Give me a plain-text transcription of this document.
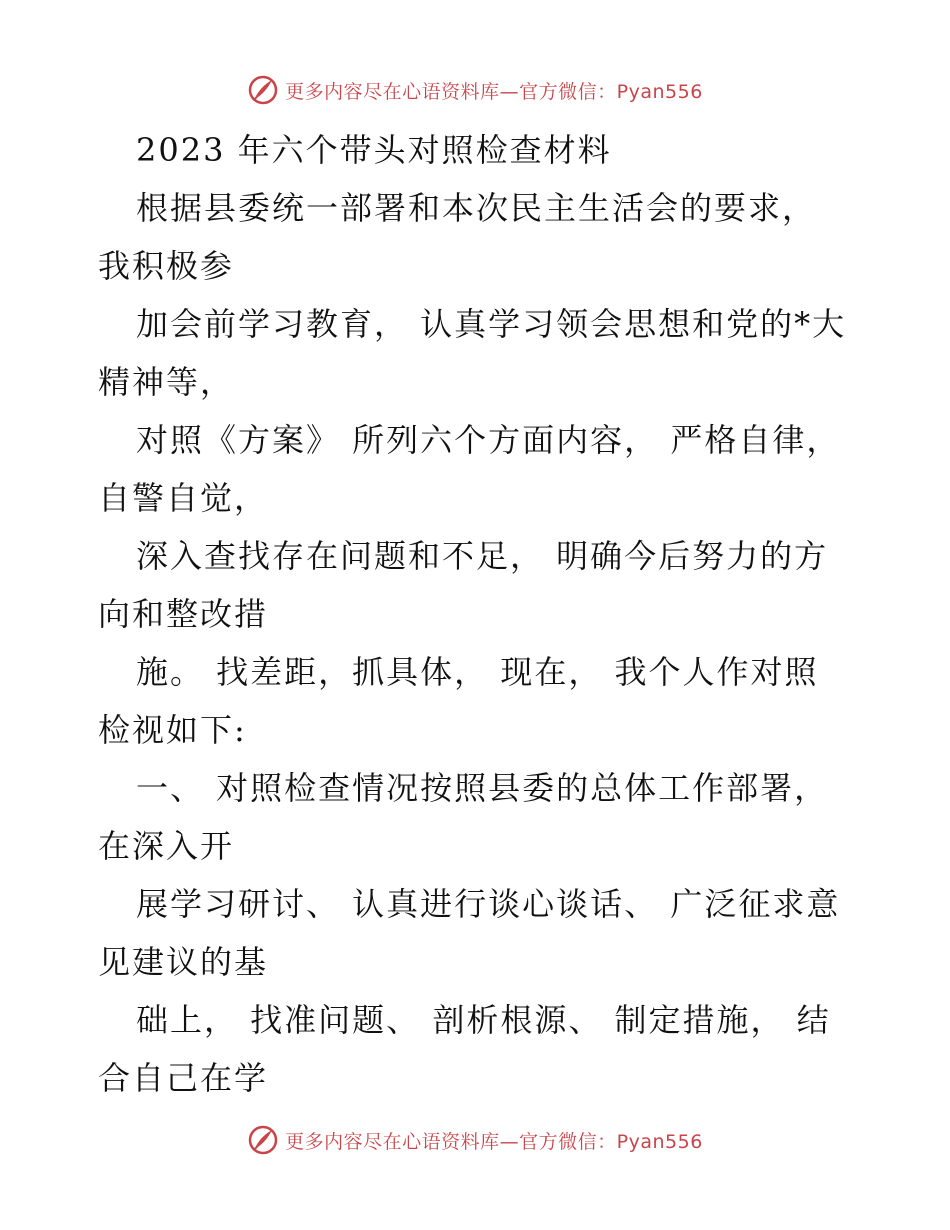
更多内容尽在心语资料库—官方微信：Pyan556
2023 年六个带头对照检查材料
根据县委统一部署和本次民主生活会的要求，
我积极参
加会前学习教育， 认真学习领会思想和党的*大
精神等，
对照《方案》 所列六个方面内容， 严格自律，
自警自觉，
深入查找存在问题和不足， 明确今后努力的方
向和整改措
施。 找差距，抓具体， 现在， 我个人作对照
检视如下:
一、 对照检查情况按照县委的总体工作部署，
在深入开
展学习研讨、 认真进行谈心谈话、 广泛征求意
见建议的基
础上， 找准问题、 剖析根源、 制定措施， 结
合自己在学
更多内容尽在心语资料库—官方微信：Pyan556
